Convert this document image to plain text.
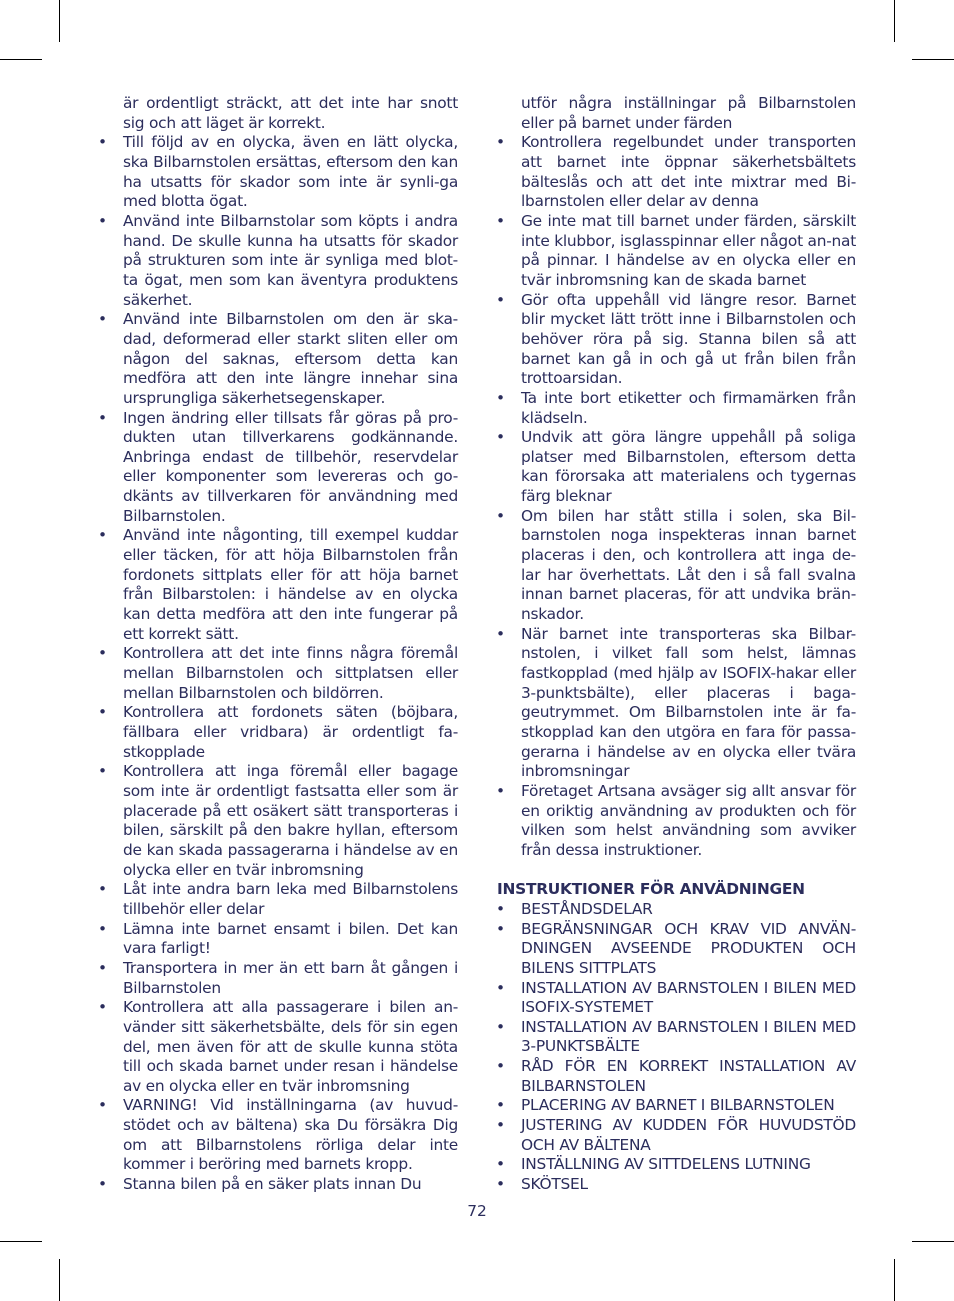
är ordentligt sträckt, att det inte har snott sig och att läget är korrekt.
• Till följd av en olycka, även en lätt olycka, ska Bilbarnstolen ersättas, eftersom den kan ha utsatts för skador som inte är synli-ga med blotta ögat.
• Använd inte Bilbarnstolar som köpts i andra hand. De skulle kunna ha utsatts för skador på strukturen som inte är synliga med blot-ta ögat, men som kan äventyra produktens säkerhet.
• Använd inte Bilbarnstolen om den är ska-dad, deformerad eller starkt sliten eller om någon del saknas, eftersom detta kan medföra att den inte längre innehar sina ursprungliga säkerhetsegenskaper.
• Ingen ändring eller tillsats får göras på pro-dukten utan tillverkarens godkännande. Anbringa endast de tillbehör, reservdelar eller komponenter som levereras och go-dkänts av tillverkaren för användning med Bilbarnstolen.
• Använd inte någonting, till exempel kuddar eller täcken, för att höja Bilbarnstolen från fordonets sittplats eller för att höja barnet från Bilbarstolen: i händelse av en olycka kan detta medföra att den inte fungerar på ett korrekt sätt.
• Kontrollera att det inte finns några föremål mellan Bilbarnstolen och sittplatsen eller mellan Bilbarnstolen och bildörren.
• Kontrollera att fordonets säten (böjbara, fällbara eller vridbara) är ordentligt fa-stkopplade
• Kontrollera att inga föremål eller bagage som inte är ordentligt fastsatta eller som är placerade på ett osäkert sätt transporteras i bilen, särskilt på den bakre hyllan, eftersom de kan skada passagerarna i händelse av en olycka eller en tvär inbromsning
• Låt inte andra barn leka med Bilbarnstolens tillbehör eller delar
• Lämna inte barnet ensamt i bilen. Det kan vara farligt!
• Transportera in mer än ett barn åt gången i Bilbarnstolen
• Kontrollera att alla passagerare i bilen an-vänder sitt säkerhetsbälte, dels för sin egen del, men även för att de skulle kunna stöta till och skada barnet under resan i händelse av en olycka eller en tvär inbromsning
• VARNING! Vid inställningarna (av huvud-stödet och av bältena) ska Du försäkra Dig om att Bilbarnstolens rörliga delar inte kommer i beröring med barnets kropp.
• Stanna bilen på en säker plats innan Du
utför några inställningar på Bilbarnstolen eller på barnet under färden
• Kontrollera regelbundet under transporten att barnet inte öppnar säkerhetsbältets bälteslås och att det inte mixtrar med Bi-lbarnstolen eller delar av denna
• Ge inte mat till barnet under färden, särskilt inte klubbor, isglasspinnar eller något an-nat på pinnar. I händelse av en olycka eller en tvär inbromsning kan de skada barnet
• Gör ofta uppehåll vid längre resor. Barnet blir mycket lätt trött inne i Bilbarnstolen och behöver röra på sig. Stanna bilen så att barnet kan gå in och gå ut från bilen från trottoarsidan.
• Ta inte bort etiketter och firmamärken från klädseln.
• Undvik att göra längre uppehåll på soliga platser med Bilbarnstolen, eftersom detta kan förorsaka att materialens och tygernas färg bleknar
• Om bilen har stått stilla i solen, ska Bil-barnstolen noga inspekteras innan barnet placeras i den, och kontrollera att inga de-lar har överhettats. Låt den i så fall svalna innan barnet placeras, för att undvika brän-nskador.
• När barnet inte transporteras ska Bilbar-nstolen, i vilket fall som helst, lämnas fastkopplad (med hjälp av ISOFIX-hakar eller 3-punktsbälte), eller placeras i baga-geutrymmet. Om Bilbarnstolen inte är fa-stkopplad kan den utgöra en fara för passa-gerarna i händelse av en olycka eller tvära inbromsningar
• Företaget Artsana avsäger sig allt ansvar för en oriktig användning av produkten och för vilken som helst användning som avviker från dessa instruktioner.
INSTRUKTIONER FÖR ANVÄDNINGEN
• BESTÅNDSDELAR
• BEGRÄNSNINGAR OCH KRAV VID ANVÄN-DNINGEN AVSEENDE PRODUKTEN OCH BILENS SITTPLATS
• INSTALLATION AV BARNSTOLEN I BILEN MED ISOFIX-SYSTEMET
• INSTALLATION AV BARNSTOLEN I BILEN MED 3-PUNKTSBÄLTE
• RÅD FÖR EN KORREKT INSTALLATION AV BILBARNSTOLEN
• PLACERING AV BARNET I BILBARNSTOLEN
• JUSTERING AV KUDDEN FÖR HUVUDSTÖD OCH AV BÄLTENA
• INSTÄLLNING AV SITTDELENS LUTNING
• SKÖTSEL
72
